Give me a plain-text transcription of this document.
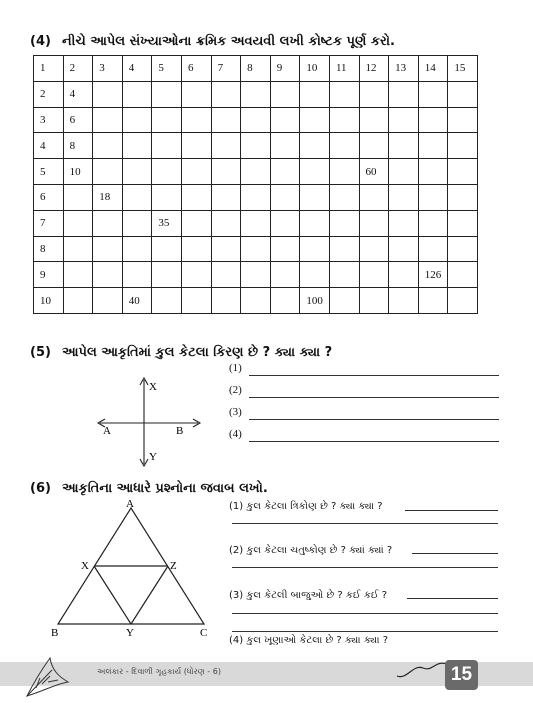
(4) નીચે આપેલ સંખ્યાઓના ક્રમિક અવયવી લખી કોષ્ટક પૂર્ણ કરો.
1	2	3	4	5	6	7	8	9	10	11	12	13	14	15
2	4													
3	6													
4	8													
5	10										60			
6		18												
7				35										
8														
9													126	
10			40						100					
(5) આપેલ આકૃતિમાં કુલ કેટલા કિરણ છે ? ક્યા ક્યા ?
X
Y
A	B
(1)
(2)
(3)
(4)
(6) આકૃતિના આધારે પ્રશ્નોના જવાબ લખો.
A
B	C
X
Y
Z
(1) કુલ કેટલા ત્રિકોણ છે ? ક્યા ક્યા ?
(2) કુલ કેટલા ચતુષ્કોણ છે ? ક્યાં ક્યાં ?
(3) કુલ કેટલી બાજુઓ છે ? કઈ કઈ ?
(4) કુલ ખૂણાઓ કેટલા છે ? ક્યા ક્યા ?
અલંકાર - દિવાળી ગૃહકાર્ય (ધોરણ - 6)	15
